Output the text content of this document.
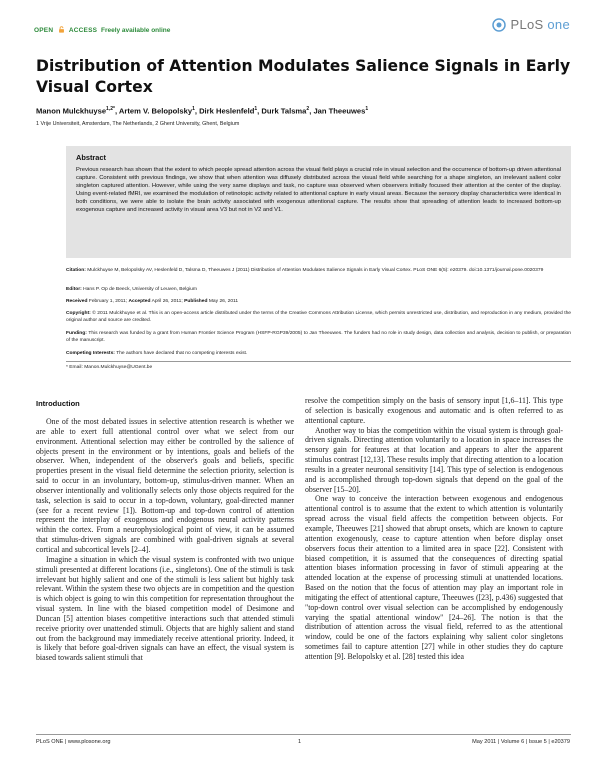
OPEN ACCESS Freely available online	PLoS one
Distribution of Attention Modulates Salience Signals in Early Visual Cortex
Manon Mulckhuyse$^{1,2*}$, Artem V. Belopolsky$^1$, Dirk Heslenfeld$^1$, Durk Talsma$^2$, Jan Theeuwes$^1$
1 Vrije Universiteit, Amsterdam, The Netherlands, 2 Ghent University, Ghent, Belgium
Abstract

Previous research has shown that the extent to which people spread attention across the visual field plays a crucial role in visual selection and the occurrence of bottom-up driven attentional capture. Consistent with previous findings, we show that when attention was diffusely distributed across the visual field while searching for a shape singleton, an irrelevant salient color singleton captured attention. However, while using the very same displays and task, no capture was observed when observers initially focused their attention at the center of the display. Using event-related fMRI, we examined the modulation of retinotopic activity related to attentional capture in early visual areas. Because the sensory display characteristics were identical in both conditions, we were able to isolate the brain activity associated with exogenous attentional capture. The results show that spreading of attention leads to increased bottom-up exogenous capture and increased activity in visual area V3 but not in V2 and V1.

Citation: Mulckhuyse M, Belopolsky AV, Heslenfeld D, Talsma D, Theeuwes J (2011) Distribution of Attention Modulates Salience Signals in Early Visual Cortex. PLoS ONE 6(5): e20379. doi:10.1371/journal.pone.0020379
Editor: Hans P. Op de Beeck, University of Leuven, Belgium
Received February 1, 2011; Accepted April 26, 2011; Published May 26, 2011
Copyright: © 2011 Mulckhuyse et al. This is an open-access article distributed under the terms of the Creative Commons Attribution License, which permits unrestricted use, distribution, and reproduction in any medium, provided the original author and source are credited.
Funding: This research was funded by a grant from Human Frontier Science Program (HSFP-RGP39/2005) to Jan Theeuwes. The funders had no role in study design, data collection and analysis, decision to publish, or preparation of the manuscript.
Competing Interests: The authors have declared that no competing interests exist.
* Email: Manon.Mulckhuyse@UGent.be
Introduction

One of the most debated issues in selective attention research is whether we are able to exert full attentional control over what we select from our environment. Attentional selection may either be controlled by the salience of objects present in the environment or by intentions, goals and beliefs of the observer. When, independent of the observer's goals and beliefs, specific properties present in the visual field determine the selection priority, selection is said to occur in an involuntary, bottom-up, stimulus-driven manner. When an observer intentionally and volitionally selects only those objects required for the task, selection is said to occur in a top-down, voluntary, goal-directed manner (see for a recent review [1]). Bottom-up and top-down control of attention represent the interplay of exogenous and endogenous neural activity patterns within the cortex. From a neurophysiological point of view, it can be assumed that stimulus-driven signals are combined with goal-driven signals at several cortical and subcortical levels [2–4].

Imagine a situation in which the visual system is confronted with two unique stimuli presented at different locations (i.e., singletons). One of the stimuli is task irrelevant but highly salient and one of the stimuli is less salient but highly task relevant. Within the system these two objects are in competition and the question is which object is going to win this competition for representation throughout the visual system. In line with the biased competition model of Desimone and Duncan [5] attention biases competitive interactions such that attended stimuli receive priority over unattended stimuli. Objects that are highly salient and stand out from the background may immediately receive attentional priority. Indeed, it is likely that before goal-driven signals can have an effect, the visual system is biased towards salient stimuli that

resolve the competition simply on the basis of sensory input [1,6–11]. This type of selection is basically exogenous and automatic and is often referred to as attentional capture.

Another way to bias the competition within the visual system is through goal-driven signals. Directing attention voluntarily to a location in space increases the sensory gain for features at that location and appears to alter the apparent stimulus contrast [12,13]. These results imply that directing attention to a location results in a greater neuronal sensitivity [14]. This type of selection is endogenous and is accomplished through top-down signals that depend on the goal of the observer [15–20].

One way to conceive the interaction between exogenous and endogenous attentional control is to assume that the extent to which attention is voluntarily spread across the visual field affects the competition between objects. For example, Theeuwes [21] showed that abrupt onsets, which are known to capture attention exogenously, cease to capture attention when before display onset observers focus their attention to a limited area in space [22]. Consistent with biased competition, it is assumed that the consequences of directing spatial attention biases information processing in favor of stimuli appearing at the attended location at the expense of processing stimuli at unattended locations. Based on the notion that the focus of attention may play an important role in mitigating the effect of attentional capture, Theeuwes ([23], p.436) suggested that "top-down control over visual selection can be accomplished by endogenously varying the spatial attentional window" [24–26]. The notion is that the distribution of attention across the visual field, referred to as the attentional window, could be one of the factors explaining why salient color singletons sometimes fail to capture attention [27] while in other studies they do capture attention [9]. Belopolsky et al. [28] tested this idea

PLoS ONE | www.plosone.org	1	May 2011 | Volume 6 | Issue 5 | e20379
